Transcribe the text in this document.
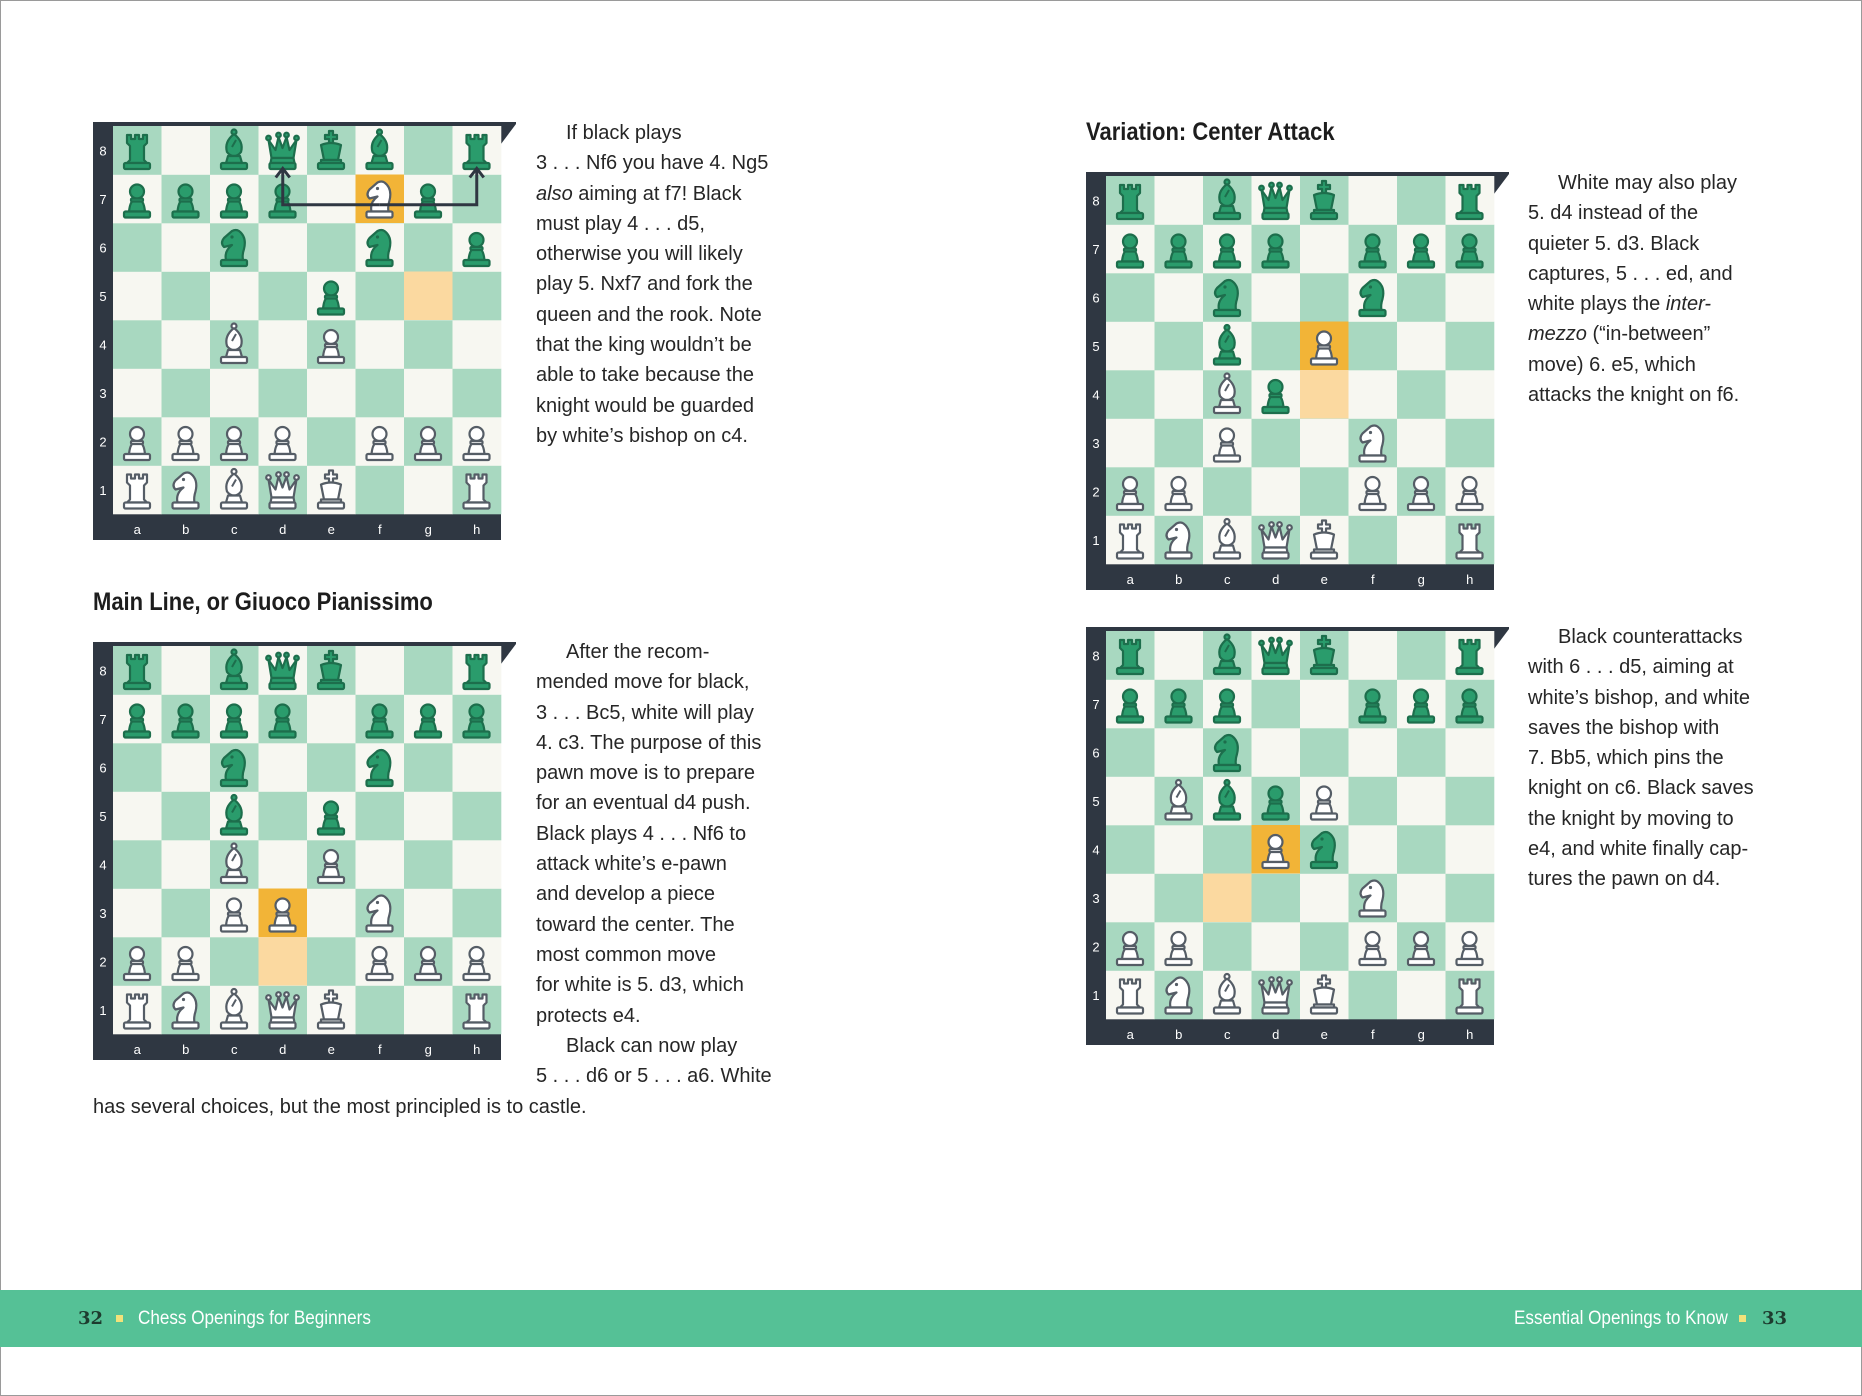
1
2
3
4
5
6
7
8
a	b	c	d	e	f	g	h

If black plays

3 . . . Nf6 you have 4. Ng5

also aiming at f7! Black

must play 4 . . . d5,

otherwise you will likely

play 5. Nxf7 and fork the

queen and the rook. Note

that the king wouldn’t be

able to take because the

knight would be guarded

by white’s bishop on c4.

Main Line, or Giuoco Pianissimo
1
2
3
4
5
6
7
8
a	b	c	d	e	f	g	h

After the recom-

mended move for black,

3 . . . Bc5, white will play

4. c3. The purpose of this

pawn move is to prepare

for an eventual d4 push.

Black plays 4 . . . Nf6 to

attack white’s e-pawn

and develop a piece

toward the center. The

most common move

for white is 5. d3, which

protects e4.

Black can now play

5 . . . d6 or 5 . . . a6. White

has several choices, but the most principled is to castle.

Variation: Center Attack
1
2
3
4
5
6
7
8
a	b	c	d	e	f	g	h

White may also play

5. d4 instead of the

quieter 5. d3. Black

captures, 5 . . . ed, and

white plays the inter-

mezzo (“in-between”

move) 6. e5, which

attacks the knight on f6.

1
2
3
4
5
6
7
8
a	b	c	d	e	f	g	h

Black counterattacks

with 6 . . . d5, aiming at

white’s bishop, and white

saves the bishop with

7. Bb5, which pins the

knight on c6. Black saves

the knight by moving to

e4, and white finally cap-

tures the pawn on d4.

32 Chess Openings for Beginners	Essential Openings to Know 33
